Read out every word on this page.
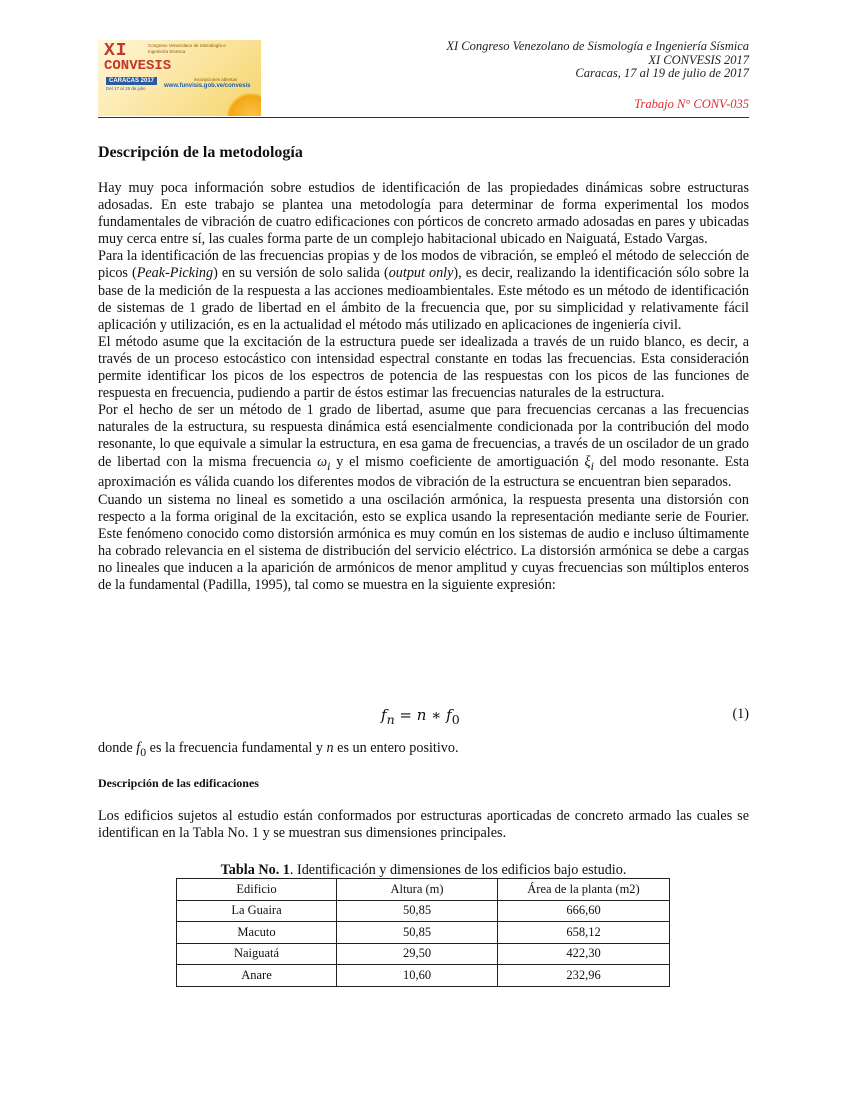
XI	Congreso Venezolano de Sismología e Ingeniería Sísmica
CONVESIS
CARACAS 2017	inscripciones abiertas
www.funvisis.gob.ve/convesis
Del 17 al 19 de julio
XI Congreso Venezolano de Sismología e Ingeniería Sísmica
XI CONVESIS 2017
Caracas, 17 al 19 de julio de 2017
Trabajo N° CONV-035
Descripción de la metodología

Hay muy poca información sobre estudios de identificación de las propiedades dinámicas sobre estructuras adosadas. En este trabajo se plantea una metodología para determinar de forma experimental los modos fundamentales de vibración de cuatro edificaciones con pórticos de concreto armado adosadas en pares y ubicadas muy cerca entre sí, las cuales forma parte de un complejo habitacional ubicado en Naiguatá, Estado Vargas.

Para la identificación de las frecuencias propias y de los modos de vibración, se empleó el método de selección de picos (Peak-Picking) en su versión de solo salida (output only), es decir, realizando la identificación sólo sobre la base de la medición de la respuesta a las acciones medioambientales. Este método es un método de identificación de sistemas de 1 grado de libertad en el ámbito de la frecuencia que, por su simplicidad y relativamente fácil aplicación y utilización, es en la actualidad el método más utilizado en aplicaciones de ingeniería civil.

El método asume que la excitación de la estructura puede ser idealizada a través de un ruido blanco, es decir, a través de un proceso estocástico con intensidad espectral constante en todas las frecuencias. Esta consideración permite identificar los picos de los espectros de potencia de las respuestas con los picos de las funciones de respuesta en frecuencia, pudiendo a partir de éstos estimar las frecuencias naturales de la estructura.

Por el hecho de ser un método de 1 grado de libertad, asume que para frecuencias cercanas a las frecuencias naturales de la estructura, su respuesta dinámica está esencialmente condicionada por la contribución del modo resonante, lo que equivale a simular la estructura, en esa gama de frecuencias, a través de un oscilador de un grado de libertad con la misma frecuencia $\omega_i$ y el mismo coeficiente de amortiguación $\xi_i$ del modo resonante. Esta aproximación es válida cuando los diferentes modos de vibración de la estructura se encuentran bien separados.

Cuando un sistema no lineal es sometido a una oscilación armónica, la respuesta presenta una distorsión con respecto a la forma original de la excitación, esto se explica usando la representación mediante serie de Fourier. Este fenómeno conocido como distorsión armónica es muy común en los sistemas de audio e incluso últimamente ha cobrado relevancia en el sistema de distribución del servicio eléctrico. La distorsión armónica se debe a cargas no lineales que inducen a la aparición de armónicos de menor amplitud y cuyas frecuencias son múltiplos enteros de la fundamental (Padilla, 1995), tal como se muestra en la siguiente expresión:

$f_n = n$ ∗ $f_0$	(1)
donde $f_0$ es la frecuencia fundamental y n es un entero positivo.
Descripción de las edificaciones

Los edificios sujetos al estudio están conformados por estructuras aporticadas de concreto armado las cuales se identifican en la Tabla No. 1 y se muestran sus dimensiones principales.

Tabla No. 1. Identificación y dimensiones de los edificios bajo estudio.
Edificio	Altura (m)	Área de la planta (m2)
La Guaira	50,85	666,60
Macuto	50,85	658,12
Naiguatá	29,50	422,30
Anare	10,60	232,96
